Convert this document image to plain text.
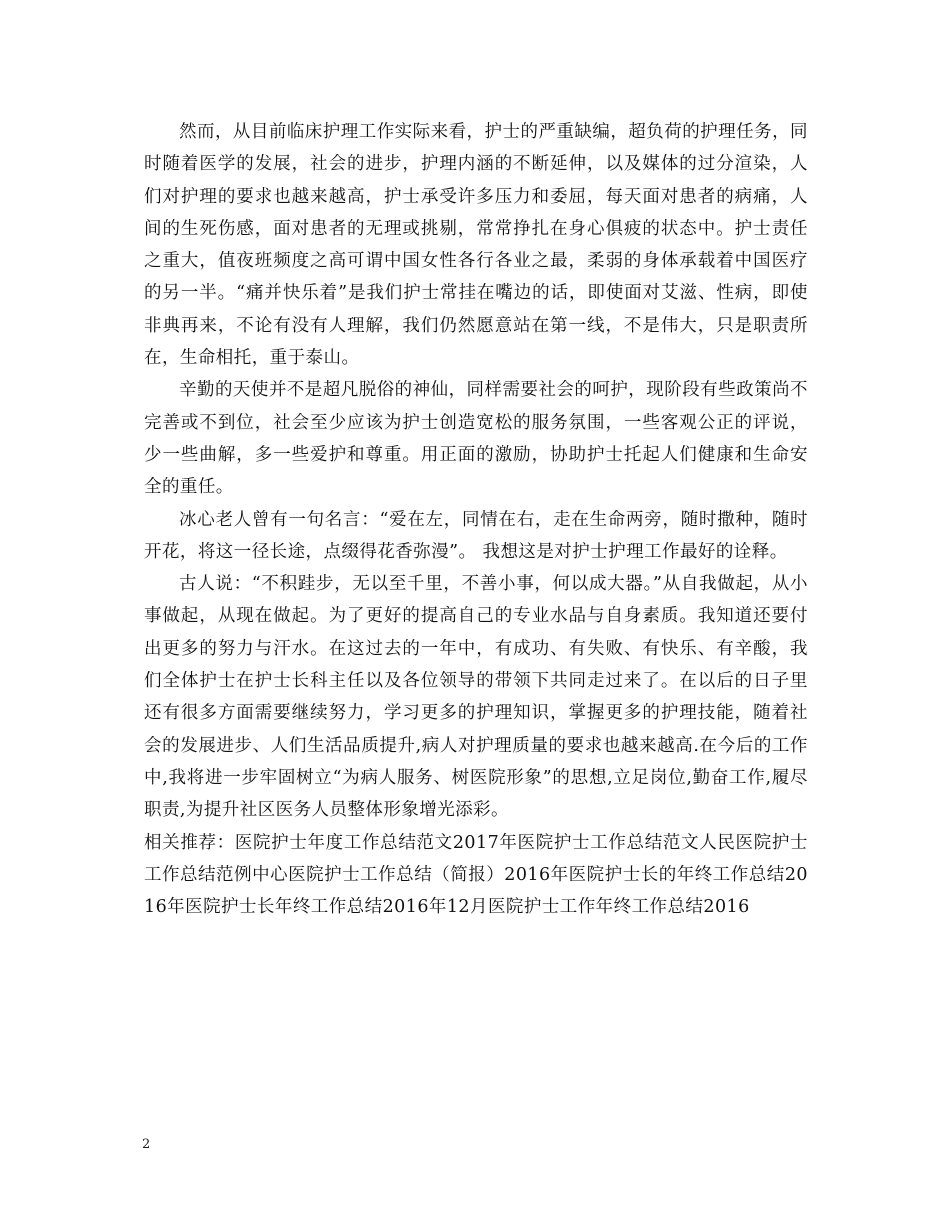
然而，从目前临床护理工作实际来看，护士的严重缺编，超负荷的护理任务，同时随着医学的发展，社会的进步，护理内涵的不断延伸，以及媒体的过分渲染，人们对护理的要求也越来越高，护士承受许多压力和委屈，每天面对患者的病痛，人间的生死伤感，面对患者的无理或挑剔，常常挣扎在身心俱疲的状态中。护士责任之重大，值夜班频度之高可谓中国女性各行各业之最，柔弱的身体承载着中国医疗的另一半。“痛并快乐着”是我们护士常挂在嘴边的话，即使面对艾滋、性病，即使非典再来，不论有没有人理解，我们仍然愿意站在第一线，不是伟大，只是职责所在，生命相托，重于泰山。

辛勤的天使并不是超凡脱俗的神仙，同样需要社会的呵护，现阶段有些政策尚不完善或不到位，社会至少应该为护士创造宽松的服务氛围，一些客观公正的评说，少一些曲解，多一些爱护和尊重。用正面的激励，协助护士托起人们健康和生命安全的重任。

冰心老人曾有一句名言：“爱在左，同情在右，走在生命两旁，随时撒种，随时开花，将这一径长途，点缀得花香弥漫”。 我想这是对护士护理工作最好的诠释。

古人说：“不积跬步，无以至千里，不善小事，何以成大器。”从自我做起，从小事做起，从现在做起。为了更好的提高自己的专业水品与自身素质。我知道还要付出更多的努力与汗水。在这过去的一年中，有成功、有失败、有快乐、有辛酸，我们全体护士在护士长科主任以及各位领导的带领下共同走过来了。在以后的日子里还有很多方面需要继续努力，学习更多的护理知识，掌握更多的护理技能，随着社会的发展进步、人们生活品质提升,病人对护理质量的要求也越来越高.在今后的工作中,我将进一步牢固树立“为病人服务、树医院形象”的思想,立足岗位,勤奋工作,履尽职责,为提升社区医务人员整体形象增光添彩。

相关推荐：医院护士年度工作总结范文2017年医院护士工作总结范文人民医院护士工作总结范例中心医院护士工作总结（简报）2016年医院护士长的年终工作总结2016年医院护士长年终工作总结2016年12月医院护士工作年终工作总结2016

2
